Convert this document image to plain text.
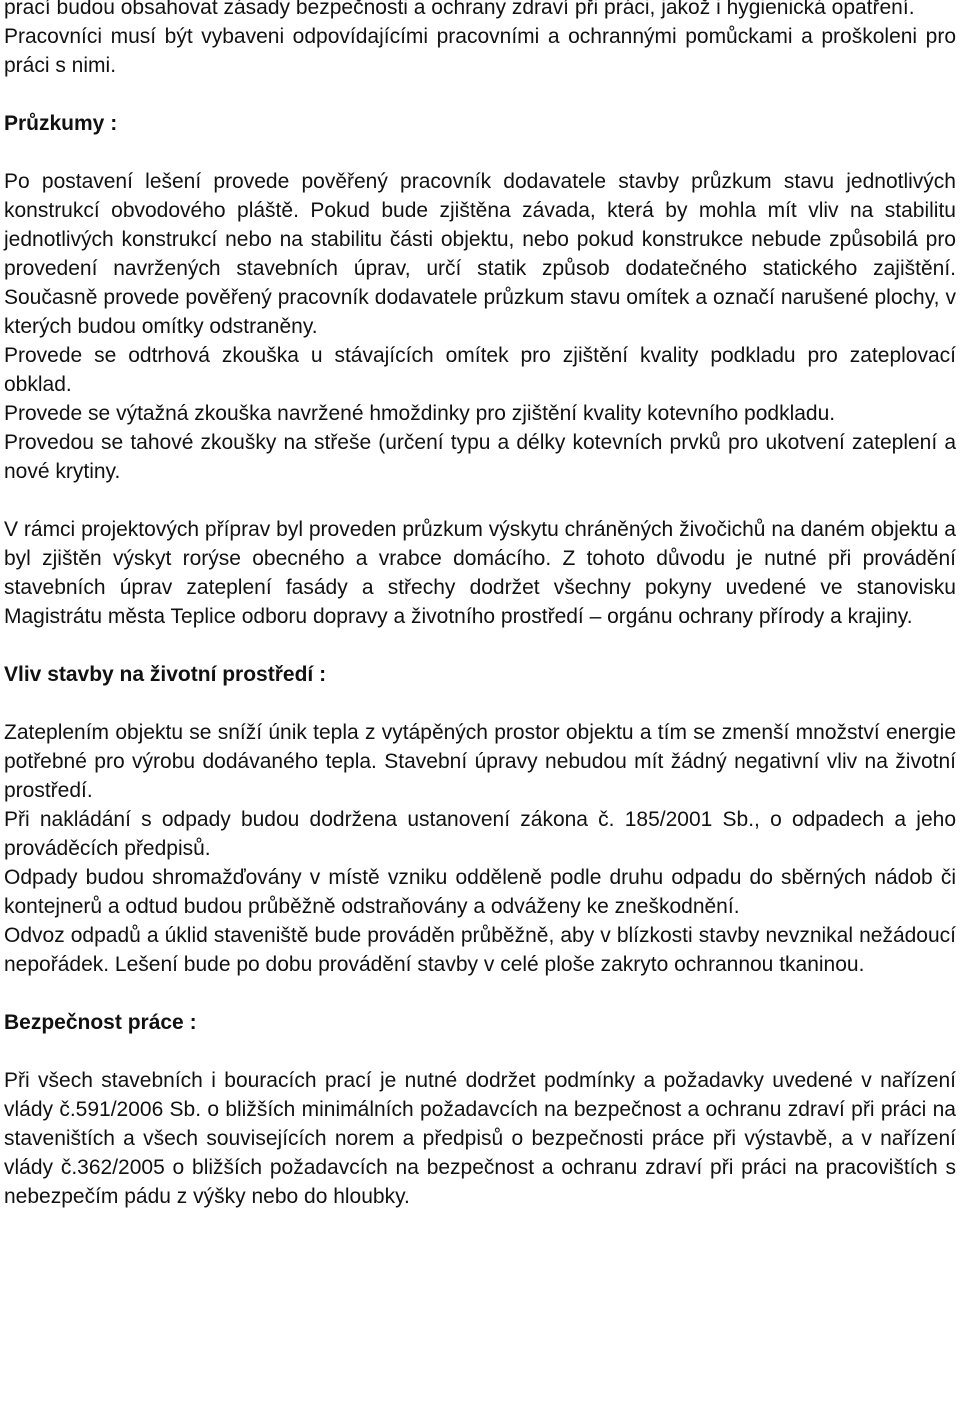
prací budou obsahovat zásady bezpečnosti a ochrany zdraví při práci, jakož i hygienická opatření.

Pracovníci musí být vybaveni odpovídajícími pracovními a ochrannými pomůckami a proškoleni pro práci s nimi.

Průzkumy :

Po postavení lešení provede pověřený pracovník dodavatele stavby průzkum stavu jednotlivých konstrukcí obvodového pláště. Pokud bude zjištěna závada, která by mohla mít vliv na stabilitu jednotlivých konstrukcí nebo na stabilitu části objektu, nebo pokud konstrukce nebude způsobilá pro provedení navržených stavebních úprav, určí statik způsob dodatečného statického zajištění. Současně provede pověřený pracovník dodavatele průzkum stavu omítek a označí narušené plochy, v kterých budou omítky odstraněny.

Provede se odtrhová zkouška u stávajících omítek pro zjištění kvality podkladu pro zateplovací obklad.

Provede se výtažná zkouška navržené hmoždinky pro zjištění kvality kotevního podkladu.

Provedou se tahové zkoušky na střeše (určení typu a délky kotevních prvků pro ukotvení zateplení a nové krytiny.

V rámci projektových příprav byl proveden průzkum výskytu chráněných živočichů na daném objektu a byl zjištěn výskyt rorýse obecného a vrabce domácího. Z tohoto důvodu je nutné při provádění stavebních úprav zateplení fasády a střechy dodržet všechny pokyny uvedené ve stanovisku Magistrátu města Teplice odboru dopravy a životního prostředí – orgánu ochrany přírody a krajiny.

Vliv stavby na životní prostředí :

Zateplením objektu se sníží únik tepla z vytápěných prostor objektu a tím se zmenší množství energie potřebné pro výrobu dodávaného tepla. Stavební úpravy nebudou mít žádný negativní vliv na životní prostředí.

Při nakládání s odpady budou dodržena ustanovení zákona č. 185/2001 Sb., o odpadech a jeho prováděcích předpisů.

Odpady budou shromažďovány v místě vzniku odděleně podle druhu odpadu do sběrných nádob či kontejnerů a odtud budou průběžně odstraňovány a odváženy ke zneškodnění.

Odvoz odpadů a úklid staveniště bude prováděn průběžně, aby v blízkosti stavby nevznikal nežádoucí nepořádek. Lešení bude po dobu provádění stavby v celé ploše zakryto ochrannou tkaninou.

Bezpečnost práce :

Při všech stavebních i bouracích prací je nutné dodržet podmínky a požadavky uvedené v nařízení vlády č.591/2006 Sb. o bližších minimálních požadavcích na bezpečnost a ochranu zdraví při práci na staveništích a všech souvisejících norem a předpisů o bezpečnosti práce při výstavbě, a v nařízení vlády č.362/2005 o bližších požadavcích na bezpečnost a ochranu zdraví při práci na pracovištích s nebezpečím pádu z výšky nebo do hloubky.
